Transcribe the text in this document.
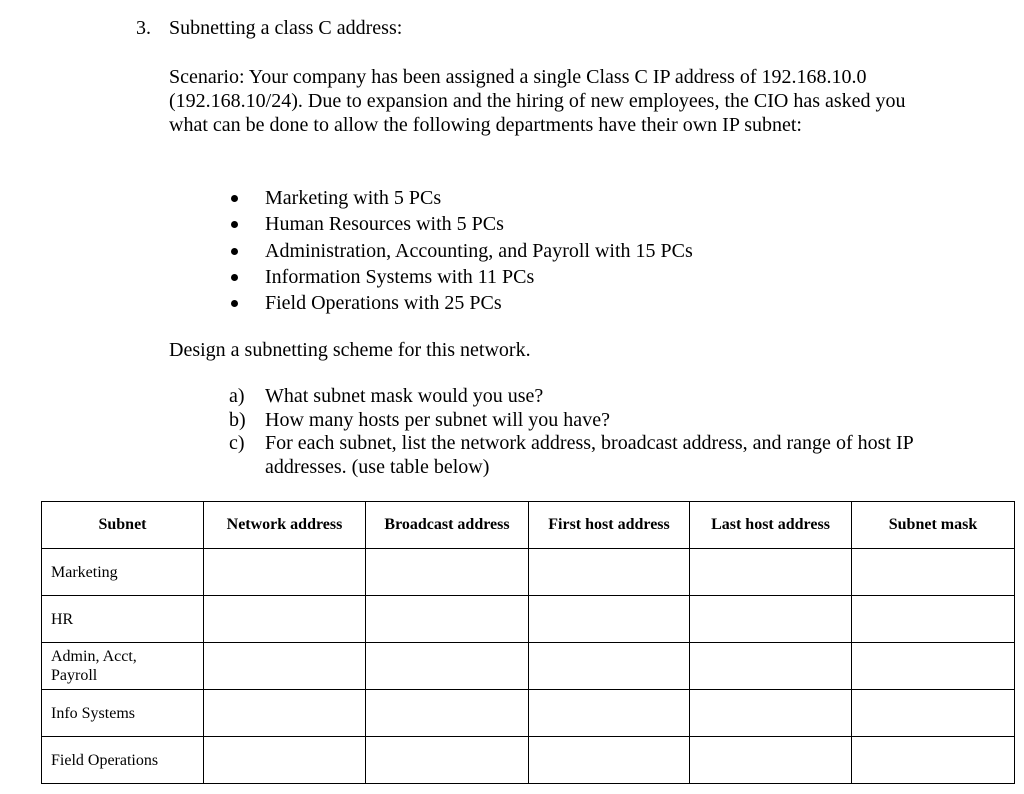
3. Subnetting a class C address:

Scenario: Your company has been assigned a single Class C IP address of 192.168.10.0 (192.168.10/24). Due to expansion and the hiring of new employees, the CIO has asked you what can be done to allow the following departments have their own IP subnet:

Marketing with 5 PCs
Human Resources with 5 PCs
Administration, Accounting, and Payroll with 15 PCs
Information Systems with 11 PCs
Field Operations with 25 PCs
Design a subnetting scheme for this network.
a) What subnet mask would you use?
b) How many hosts per subnet will you have?
c) For each subnet, list the network address, broadcast address, and range of host IP addresses. (use table below)
Subnet	Network address	Broadcast address	First host address	Last host address	Subnet mask

Marketing					

HR					

Admin, Acct, Payroll					

Info Systems					

Field Operations					
